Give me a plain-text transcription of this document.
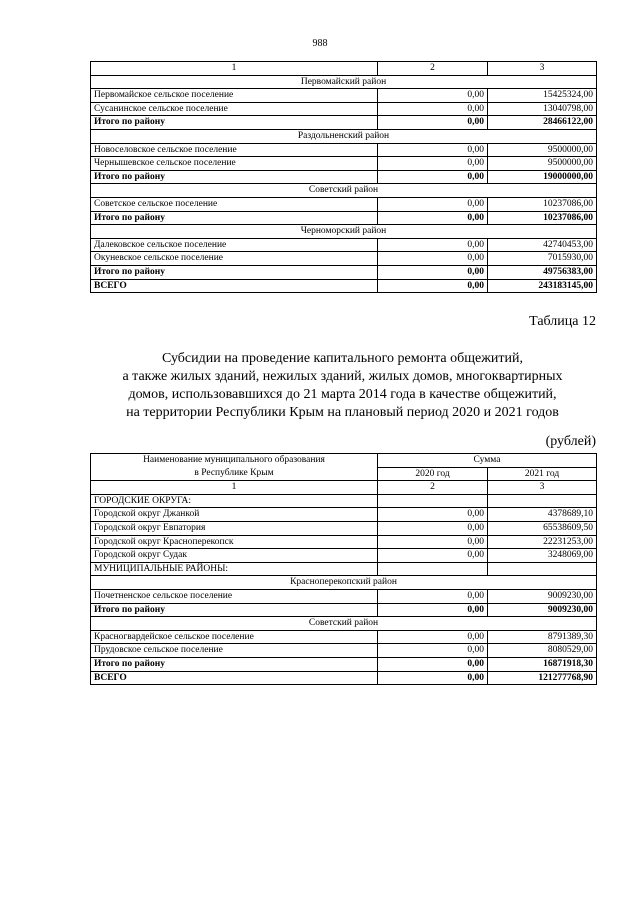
988
1	2	3
Первомайский район		
Первомайское сельское поселение	0,00	15425324,00
Сусанинское сельское поселение	0,00	13040798,00
Итого по району	0,00	28466122,00
Раздольненский район		
Новоселовское сельское поселение	0,00	9500000,00
Чернышевское сельское поселение	0,00	9500000,00
Итого по району	0,00	19000000,00
Советский район		
Советское сельское поселение	0,00	10237086,00
Итого по району	0,00	10237086,00
Черноморский район		
Далековское сельское поселение	0,00	42740453,00
Окуневское сельское поселение	0,00	7015930,00
Итого по району	0,00	49756383,00
ВСЕГО	0,00	243183145,00
Таблица 12
Субсидии на проведение капитального ремонта общежитий,
а также жилых зданий, нежилых зданий, жилых домов, многоквартирных
домов, использовавшихся до 21 марта 2014 года в качестве общежитий,
на территории Республики Крым на плановый период 2020 и 2021 годов
(рублей)
Наименование муниципального образования
в Республике Крым	Сумма	
	2020 год	2021 год
1	2	3
ГОРОДСКИЕ ОКРУГА:		
Городской округ Джанкой	0,00	4378689,10
Городской округ Евпатория	0,00	65538609,50
Городской округ Красноперекопск	0,00	22231253,00
Городской округ Судак	0,00	3248069,00
МУНИЦИПАЛЬНЫЕ РАЙОНЫ:		
Красноперекопский район		
Почетненское сельское поселение	0,00	9009230,00
Итого по району	0,00	9009230,00
Советский район		
Красногвардейское сельское поселение	0,00	8791389,30
Прудовское сельское поселение	0,00	8080529,00
Итого по району	0,00	16871918,30
ВСЕГО	0,00	121277768,90
